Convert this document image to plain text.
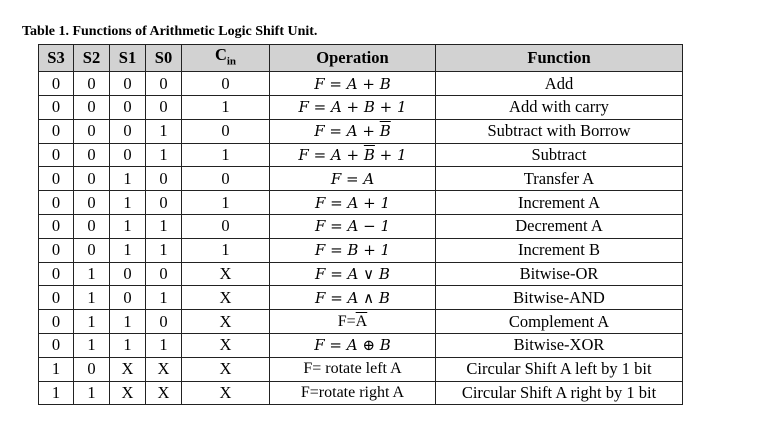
Table 1. Functions of Arithmetic Logic Shift Unit.
S3	S2	S1	S0	$C_{in}$	Operation	Function
0	0	0	0	0	F = A + B	Add
0	0	0	0	1	F = A + B + 1	Add with carry
0	0	0	1	0	$F = A + \overline{B}$	Subtract with Borrow
0	0	0	1	1	$F = A + \overline{B} + 1$	Subtract
0	0	1	0	0	F = A	Transfer A
0	0	1	0	1	F = A + 1	Increment A
0	0	1	1	0	F = A − 1	Decrement A
0	0	1	1	1	F = B + 1	Increment B
0	1	0	0	X	F = A ∨ B	Bitwise-OR
0	1	0	1	X	F = A ∧ B	Bitwise-AND
0	1	1	0	X	$F=\overline{A}$	Complement A
0	1	1	1	X	F = A ⊕ B	Bitwise-XOR
1	0	X	X	X	F= rotate left A	Circular Shift A left by 1 bit
1	1	X	X	X	F=rotate right A	Circular Shift A right by 1 bit
